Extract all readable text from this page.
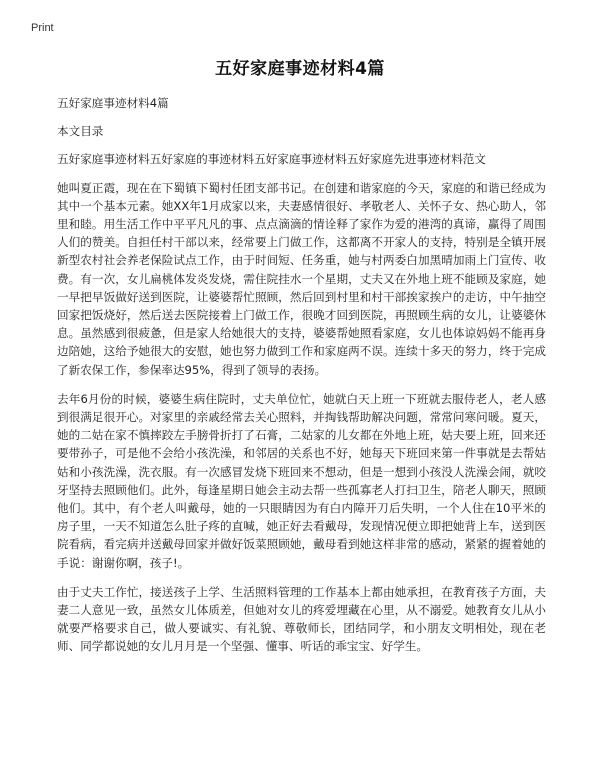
Print
五好家庭事迹材料4篇

五好家庭事迹材料4篇

本文目录

五好家庭事迹材料五好家庭的事迹材料五好家庭事迹材料五好家庭先进事迹材料范文

她叫夏正霞，现在在下蜀镇下蜀村任团支部书记。在创建和谐家庭的今天，家庭的和谐已经成为其中一个基本元素。她XX年1月成家以来，夫妻感情很好、孝敬老人、关怀子女、热心助人，邻里和睦。用生活工作中平平凡凡的事、点点滴滴的情诠释了家作为爱的港湾的真谛，赢得了周围人们的赞美。自担任村干部以来，经常要上门做工作，这都离不开家人的支持，特别是全镇开展新型农村社会养老保险试点工作，由于时间短、任务重，她与村两委白加黑晴加雨上门宣传、收费。有一次，女儿扁桃体发炎发烧，需住院挂水一个星期，丈夫又在外地上班不能顾及家庭，她一早把早饭做好送到医院，让婆婆帮忙照顾，然后回到村里和村干部挨家挨户的走访，中午抽空回家把饭烧好，然后送去医院接着上门做工作，很晚才回到医院，再照顾生病的女儿，让婆婆休息。虽然感到很疲惫，但是家人给她很大的支持，婆婆帮她照看家庭，女儿也体谅妈妈不能再身边陪她，这给予她很大的安慰，她也努力做到工作和家庭两不误。连续十多天的努力，终于完成了新农保工作，参保率达95%，得到了领导的表扬。

去年6月份的时候，婆婆生病住院时，丈夫单位忙，她就白天上班一下班就去服侍老人，老人感到很满足很开心。对家里的亲戚经常去关心照料，并掏钱帮助解决问题，常常问寒问暖。夏天，她的二姑在家不慎摔跤左手膀骨折打了石膏，二姑家的儿女都在外地上班，姑夫要上班，回来还要带孙子，可是他不会给小孩洗澡，和邻居的关系也不好，她每天下班回来第一件事就是去帮姑姑和小孩洗澡，洗衣服。有一次感冒发烧下班回来不想动，但是一想到小孩没人洗澡会闹，就咬牙坚持去照顾他们。此外，每逢星期日她会主动去帮一些孤寡老人打扫卫生，陪老人聊天，照顾他们。其中，有个老人叫戴母，她的一只眼睛因为有白内障开刀后失明，一个人住在10平米的房子里，一天不知道怎么肚子疼的直喊，她正好去看戴母，发现情况便立即把她背上车，送到医院看病，看完病并送戴母回家并做好饭菜照顾她，戴母看到她这样非常的感动，紧紧的握着她的手说：谢谢你啊，孩子!。

由于丈夫工作忙，接送孩子上学、生活照料管理的工作基本上都由她承担，在教育孩子方面，夫妻二人意见一致，虽然女儿体质差，但她对女儿的疼爱埋藏在心里，从不溺爱。她教育女儿从小就要严格要求自己，做人要诚实、有礼貌、尊敬师长，团结同学，和小朋友文明相处，现在老师、同学都说她的女儿月月是一个坚强、懂事、听话的乖宝宝、好学生。
